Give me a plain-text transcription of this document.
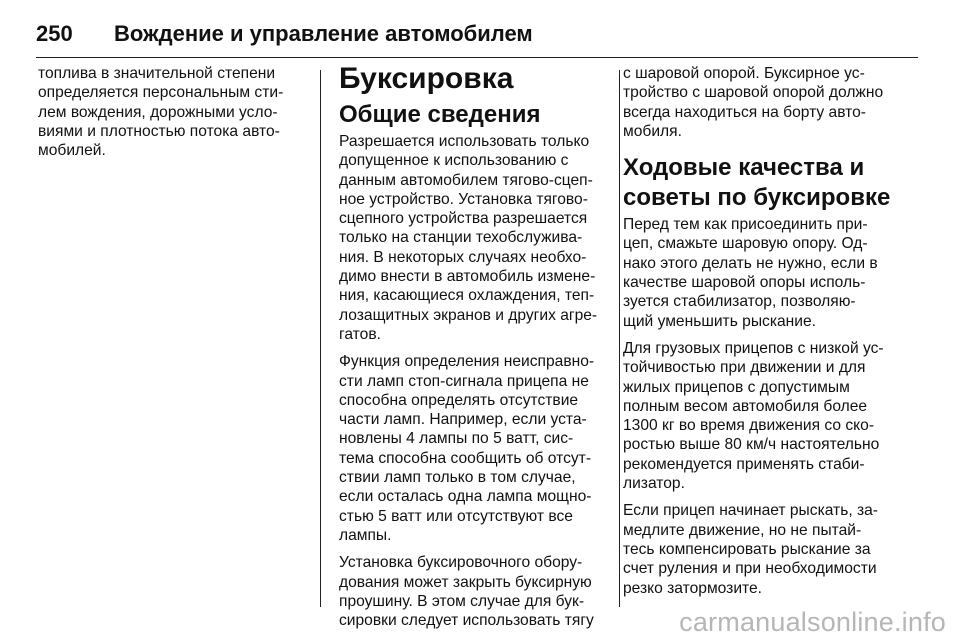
250	Вождение и управление автомобилем

топлива в значительной степени
определяется персональным сти-
лем вождения, дорожными усло-
виями и плотностью потока авто-
мобилей.

Буксировка
Общие сведения

Разрешается использовать только
допущенное к использованию с
данным автомобилем тягово-сцеп-
ное устройство. Установка тягово-
сцепного устройства разрешается
только на станции техобслужива-
ния. В некоторых случаях необхо-
димо внести в автомобиль измене-
ния, касающиеся охлаждения, теп-
лозащитных экранов и других агре-
гатов.

Функция определения неисправно-
сти ламп стоп-сигнала прицепа не
способна определять отсутствие
части ламп. Например, если уста-
новлены 4 лампы по 5 ватт, сис-
тема способна сообщить об отсут-
ствии ламп только в том случае,
если осталась одна лампа мощно-
стью 5 ватт или отсутствуют все
лампы.

Установка буксировочного обору-
дования может закрыть буксирную
проушину. В этом случае для бук-
сировки следует использовать тягу

с шаровой опорой. Буксирное ус-
тройство с шаровой опорой должно
всегда находиться на борту авто-
мобиля.

Ходовые качества и
советы по буксировке

Перед тем как присоединить при-
цеп, смажьте шаровую опору. Од-
нако этого делать не нужно, если в
качестве шаровой опоры исполь-
зуется стабилизатор, позволяю-
щий уменьшить рыскание.

Для грузовых прицепов с низкой ус-
тойчивостью при движении и для
жилых прицепов с допустимым
полным весом автомобиля более
1300 кг во время движения со ско-
ростью выше 80 км/ч настоятельно
рекомендуется применять стаби-
лизатор.

Если прицеп начинает рыскать, за-
медлите движение, но не пытай-
тесь компенсировать рыскание за
счет руления и при необходимости
резко затормозите.

carmanualsonline.info
